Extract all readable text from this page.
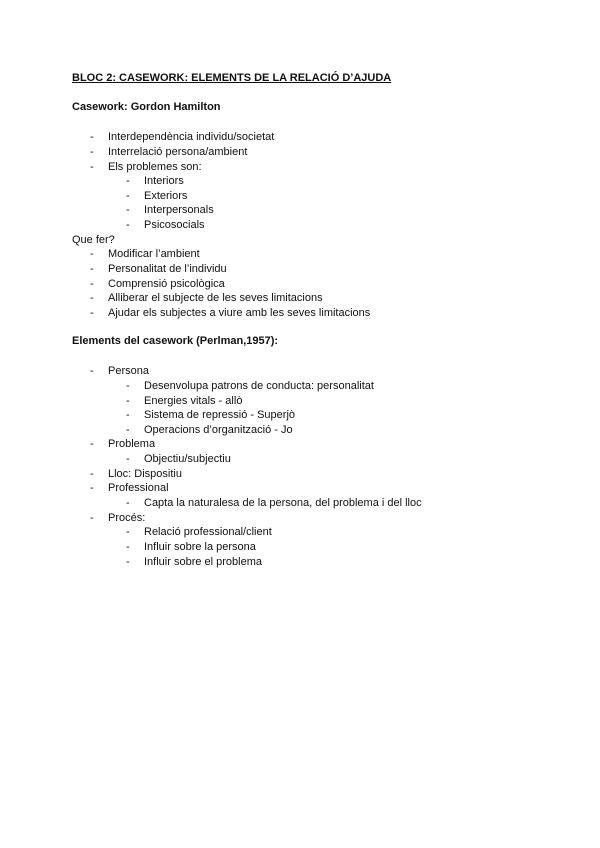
BLOC 2: CASEWORK: ELEMENTS DE LA RELACIÓ D’AJUDA
Casework: Gordon Hamilton
-	Interdependència individu/societat
-	Interrelació persona/ambient
-	Els problemes son:
-	Interiors
-	Exteriors
-	Interpersonals
-	Psicosocials
Que fer?
-	Modificar l’ambient
-	Personalitat de l’individu
-	Comprensió psicològica
-	Alliberar el subjecte de les seves limitacions
-	Ajudar els subjectes a viure amb les seves limitacions
Elements del casework (Perlman,1957):
-	Persona
-	Desenvolupa patrons de conducta: personalitat
-	Energies vitals - allò
-	Sistema de repressió - Superjò
-	Operacions d’organització - Jo
-	Problema
-	Objectiu/subjectiu
-	Lloc: Dispositiu
-	Professional
-	Capta la naturalesa de la persona, del problema i del lloc
-	Procés:
-	Relació professional/client
-	Influir sobre la persona
-	Influir sobre el problema
